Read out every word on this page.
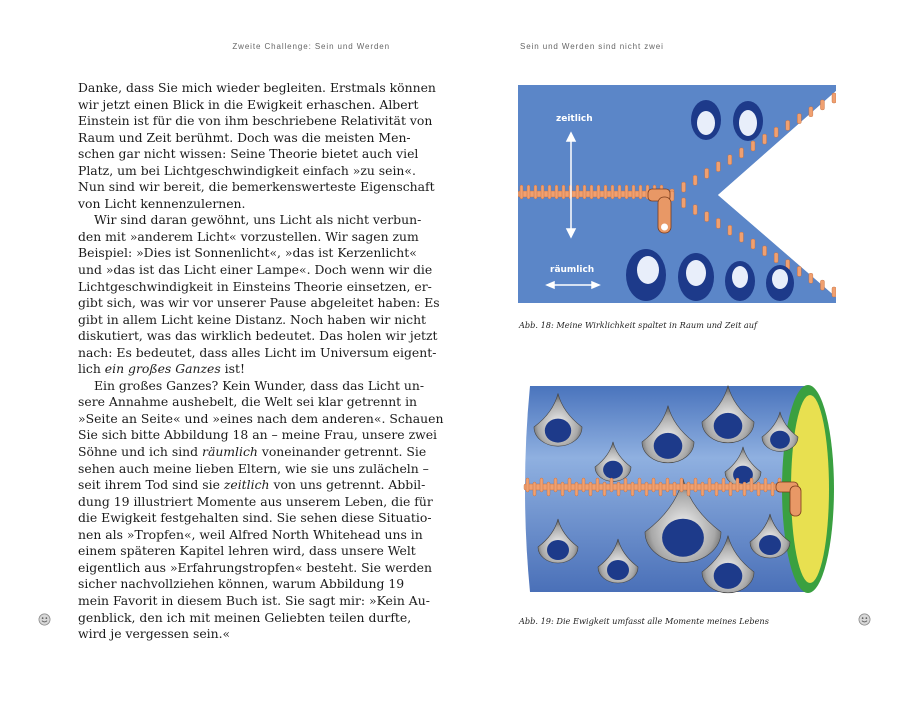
Zweite Challenge: Sein und Werden	Sein und Werden sind nicht zwei
Danke, dass Sie mich wieder begleiten. Erstmals können
wir jetzt einen Blick in die Ewigkeit erhaschen. Albert
Einstein ist für die von ihm beschriebene Relativität von
Raum und Zeit berühmt. Doch was die meisten Men-
schen gar nicht wissen: Seine Theorie bietet auch viel
Platz, um bei Lichtgeschwindigkeit einfach »zu sein«.
Nun sind wir bereit, die bemerkenswerteste Eigenschaft
von Licht kennenzulernen.
Wir sind daran gewöhnt, uns Licht als nicht verbun-
den mit »anderem Licht« vorzustellen. Wir sagen zum
Beispiel: »Dies ist Sonnenlicht«, »das ist Kerzenlicht«
und »das ist das Licht einer Lampe«. Doch wenn wir die
Lichtgeschwindigkeit in Einsteins Theorie einsetzen, er-
gibt sich, was wir vor unserer Pause abgeleitet haben: Es
gibt in allem Licht keine Distanz. Noch haben wir nicht
diskutiert, was das wirklich bedeutet. Das holen wir jetzt
nach: Es bedeutet, dass alles Licht im Universum eigent-
lich ein großes Ganzes ist!
Ein großes Ganzes? Kein Wunder, dass das Licht un-
sere Annahme aushebelt, die Welt sei klar getrennt in
»Seite an Seite« und »eines nach dem anderen«. Schauen
Sie sich bitte Abbildung 18 an – meine Frau, unsere zwei
Söhne und ich sind räumlich voneinander getrennt. Sie
sehen auch meine lieben Eltern, wie sie uns zulächeln –
seit ihrem Tod sind sie zeitlich von uns getrennt. Abbil-
dung 19 illustriert Momente aus unserem Leben, die für
die Ewigkeit festgehalten sind. Sie sehen diese Situatio-
nen als »Tropfen«, weil Alfred North Whitehead uns in
einem späteren Kapitel lehren wird, dass unsere Welt
eigentlich aus »Erfahrungstropfen« besteht. Sie werden
sicher nachvollziehen können, warum Abbildung 19
mein Favorit in diesem Buch ist. Sie sagt mir: »Kein Au-
genblick, den ich mit meinen Geliebten teilen durfte,
wird je vergessen sein.«
zeitlich
räumlich
Abb. 18: Meine Wirklichkeit spaltet in Raum und Zeit auf
Abb. 19: Die Ewigkeit umfasst alle Momente meines Lebens
